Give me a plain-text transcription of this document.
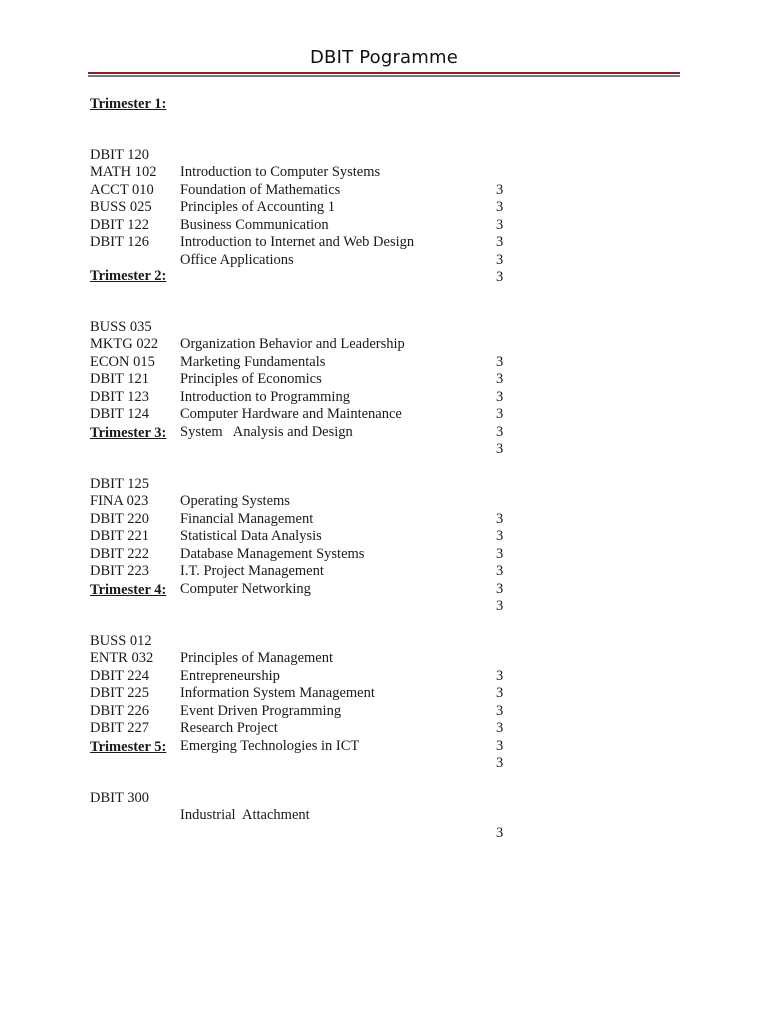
DBIT Pogramme
Trimester 1:

DBIT 120

Introduction to Computer Systems

3

MATH 102

Foundation of Mathematics

3

ACCT 010

Principles of Accounting 1

3

BUSS 025

Business Communication

3

DBIT 122

Introduction to Internet and Web Design

3

DBIT 126

Office Applications

3

Trimester 2:

BUSS 035

Organization Behavior and Leadership

3

MKTG 022

Marketing Fundamentals

3

ECON 015

Principles of Economics

3

DBIT 121

Introduction to Programming

3

DBIT 123

Computer Hardware and Maintenance

3

DBIT 124

System   Analysis and Design

3

Trimester 3:

DBIT 125

Operating Systems

3

FINA 023

Financial Management

3

DBIT 220

Statistical Data Analysis

3

DBIT 221

Database Management Systems

3

DBIT 222

I.T. Project Management

3

DBIT 223

Computer Networking

3

Trimester 4:

BUSS 012

Principles of Management

3

ENTR 032

Entrepreneurship

3

DBIT 224

Information System Management

3

DBIT 225

Event Driven Programming

3

DBIT 226

Research Project

3

DBIT 227

Emerging Technologies in ICT

3

Trimester 5:

DBIT 300

Industrial  Attachment

3
